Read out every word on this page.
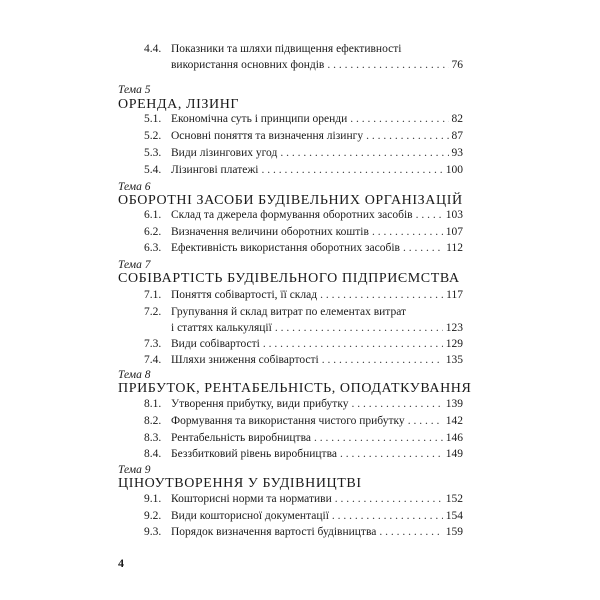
4.4. Показники та шляхи підвищення ефективності
використання основних фондів . . .	76
Тема 5
ОРЕНДА, ЛІЗИНГ
5.1. Економічна суть і принципи оренди . . .	82
5.2. Основні поняття та визначення лізингу . . .	87
5.3. Види лізингових угод . . .	93
5.4. Лізингові платежі . . .	100
Тема 6
ОБОРОТНІ ЗАСОБИ БУДІВЕЛЬНИХ ОРГАНІЗАЦІЙ
6.1. Склад та джерела формування оборотних засобів . . .	103
6.2. Визначення величини оборотних коштів . . .	107
6.3. Ефективність використання оборотних засобів . . .	112
Тема 7
СОБІВАРТІСТЬ БУДІВЕЛЬНОГО ПІДПРИЄМСТВА
7.1. Поняття собівартості, її склад . . .	117
7.2. Групування й склад витрат по елементах витрат
і статтях калькуляції . . .	123
7.3. Види собівартості . . .	129
7.4. Шляхи зниження собівартості . . .	135
Тема 8
ПРИБУТОК, РЕНТАБЕЛЬНІСТЬ, ОПОДАТКУВАННЯ
8.1. Утворення прибутку, види прибутку . . .	139
8.2. Формування та використання чистого прибутку . . .	142
8.3. Рентабельність виробництва . . .	146
8.4. Беззбитковий рівень виробництва . . .	149
Тема 9
ЦІНОУТВОРЕННЯ У БУДІВНИЦТВІ
9.1. Кошторисні норми та нормативи . . .	152
9.2. Види кошторисної документації . . .	154
9.3. Порядок визначення вартості будівництва . . .	159
4
